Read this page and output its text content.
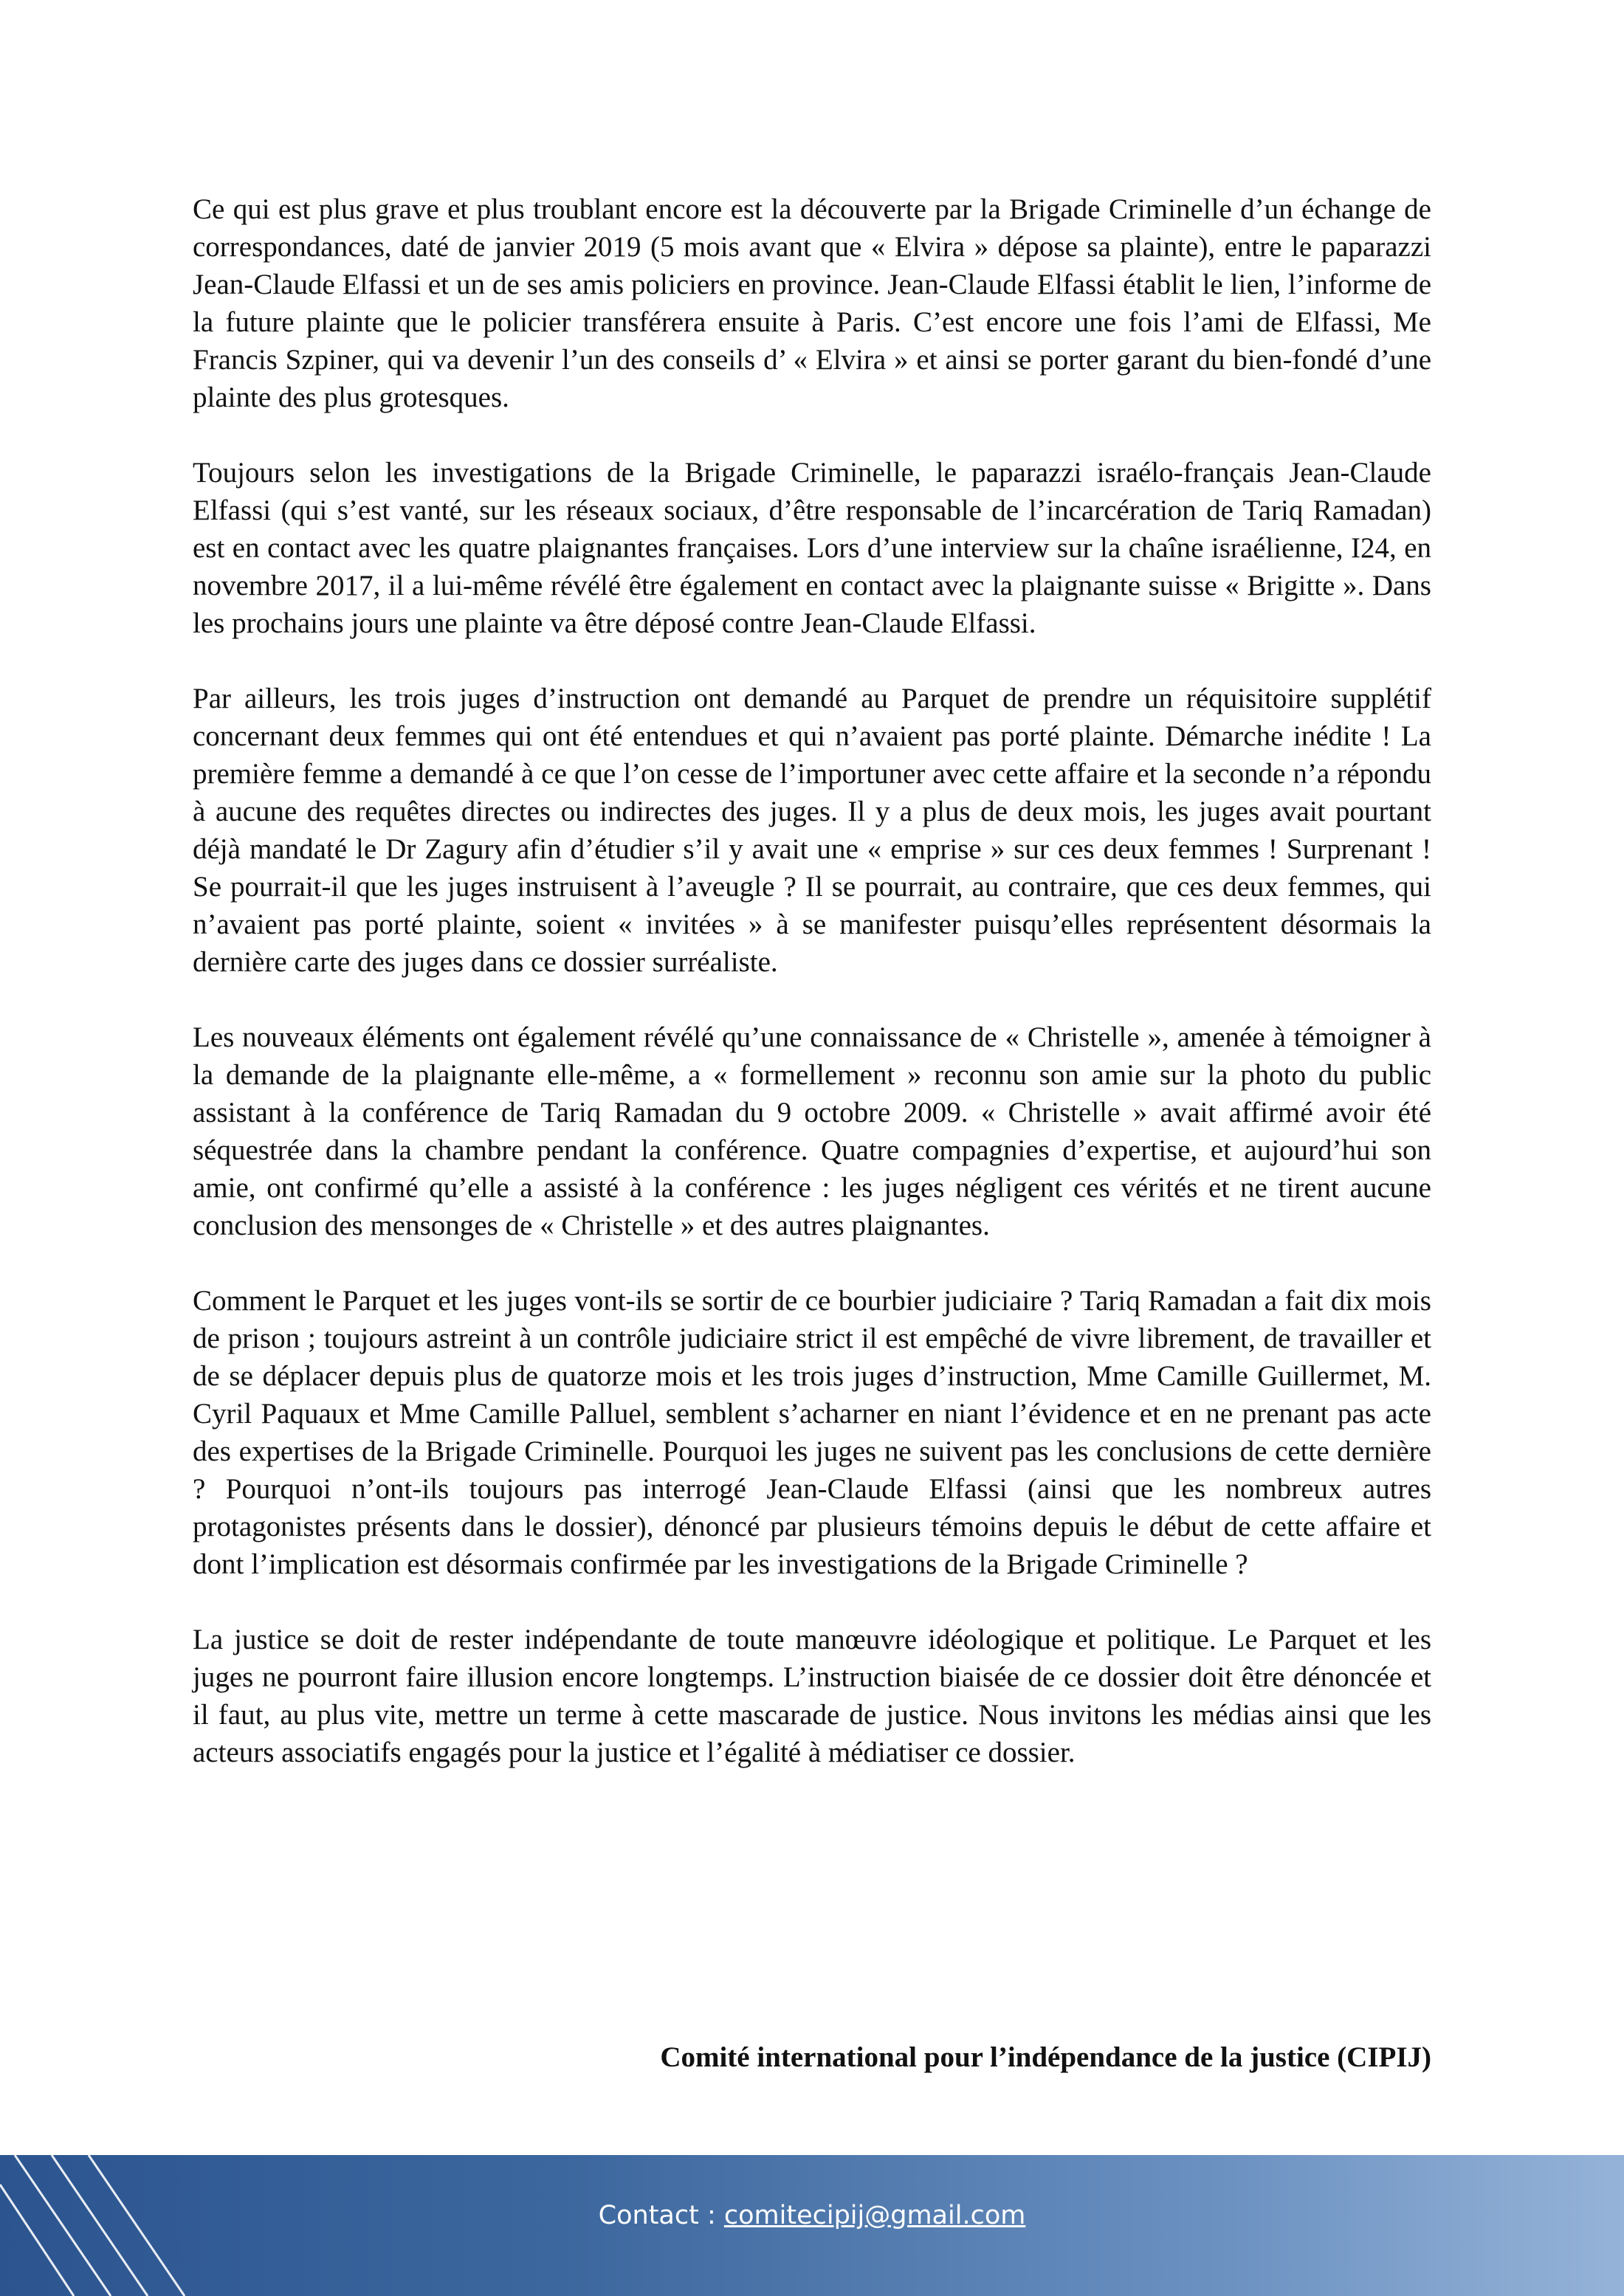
Ce qui est plus grave et plus troublant encore est la découverte par la Brigade Criminelle d’un échange de correspondances, daté de janvier 2019 (5 mois avant que « Elvira » dépose sa plainte), entre le paparazzi Jean-Claude Elfassi et un de ses amis policiers en province. Jean-Claude Elfassi établit le lien, l’informe de la future plainte que le policier transférera ensuite à Paris. C’est encore une fois l’ami de Elfassi, Me Francis Szpiner, qui va devenir l’un des conseils d’ « Elvira » et ainsi se porter garant du bien-fondé d’une plainte des plus grotesques.

Toujours selon les investigations de la Brigade Criminelle, le paparazzi israélo-français Jean-Claude Elfassi (qui s’est vanté, sur les réseaux sociaux, d’être responsable de l’incarcération de Tariq Ramadan) est en contact avec les quatre plaignantes françaises. Lors d’une interview sur la chaîne israélienne, I24, en novembre 2017, il a lui-même révélé être également en contact avec la plaignante suisse « Brigitte ». Dans les prochains jours une plainte va être déposé contre Jean-Claude Elfassi.

Par ailleurs, les trois juges d’instruction ont demandé au Parquet de prendre un réquisitoire supplétif concernant deux femmes qui ont été entendues et qui n’avaient pas porté plainte. Démarche inédite ! La première femme a demandé à ce que l’on cesse de l’importuner avec cette affaire et la seconde n’a répondu à aucune des requêtes directes ou indirectes des juges. Il y a plus de deux mois, les juges avait pourtant déjà mandaté le Dr Zagury afin d’étudier s’il y avait une « emprise » sur ces deux femmes ! Surprenant ! Se pourrait-il que les juges instruisent à l’aveugle ? Il se pourrait, au contraire, que ces deux femmes, qui n’avaient pas porté plainte, soient « invitées » à se manifester puisqu’elles représentent désormais la dernière carte des juges dans ce dossier surréaliste.

Les nouveaux éléments ont également révélé qu’une connaissance de « Christelle », amenée à témoigner à la demande de la plaignante elle-même, a « formellement » reconnu son amie sur la photo du public assistant à la conférence de Tariq Ramadan du 9 octobre 2009. « Christelle » avait affirmé avoir été séquestrée dans la chambre pendant la conférence. Quatre compagnies d’expertise, et aujourd’hui son amie, ont confirmé qu’elle a assisté à la conférence : les juges négligent ces vérités et ne tirent aucune conclusion des mensonges de « Christelle » et des autres plaignantes.

Comment le Parquet et les juges vont-ils se sortir de ce bourbier judiciaire ? Tariq Ramadan a fait dix mois de prison ; toujours astreint à un contrôle judiciaire strict il est empêché de vivre librement, de travailler et de se déplacer depuis plus de quatorze mois et les trois juges d’instruction, Mme Camille Guillermet, M. Cyril Paquaux et Mme Camille Palluel, semblent s’acharner en niant l’évidence et en ne prenant pas acte des expertises de la Brigade Criminelle. Pourquoi les juges ne suivent pas les conclusions de cette dernière ? Pourquoi n’ont-ils toujours pas interrogé Jean-Claude Elfassi (ainsi que les nombreux autres protagonistes présents dans le dossier), dénoncé par plusieurs témoins depuis le début de cette affaire et dont l’implication est désormais confirmée par les investigations de la Brigade Criminelle ?

La justice se doit de rester indépendante de toute manœuvre idéologique et politique. Le Parquet et les juges ne pourront faire illusion encore longtemps. L’instruction biaisée de ce dossier doit être dénoncée et il faut, au plus vite, mettre un terme à cette mascarade de justice. Nous invitons les médias ainsi que les acteurs associatifs engagés pour la justice et l’égalité à médiatiser ce dossier.

Comité international pour l’indépendance de la justice (CIPIJ)
Contact : comitecipij@gmail.com
